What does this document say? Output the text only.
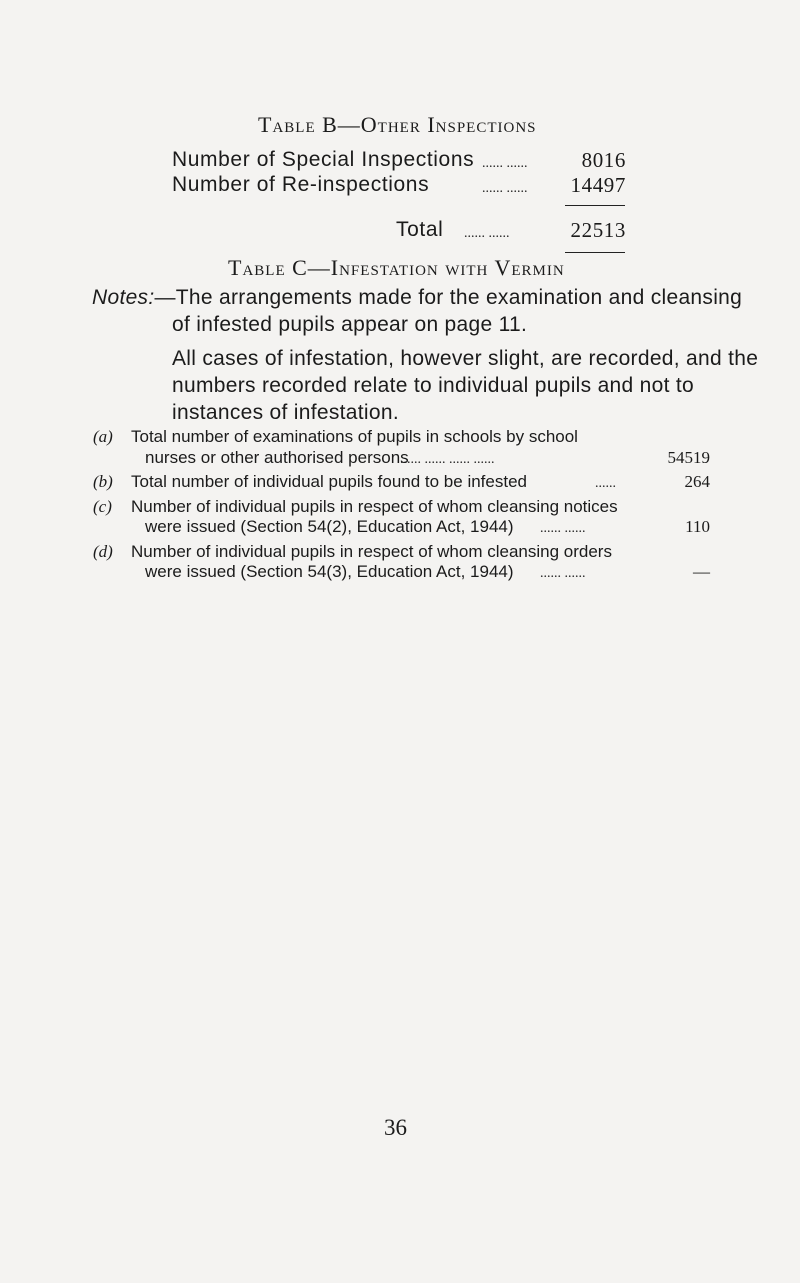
Table B—Other Inspections
Number of Special Inspections ...... ......	8016
Number of Re-inspections	...... ......	14497
Total ...... ......	22513
Table C—Infestation with Vermin
Notes:—The arrangements made for the examination and cleansing
of infested pupils appear on page 11.
All cases of infestation, however slight, are recorded, and the
numbers recorded relate to individual pupils and not to
instances of infestation.
(a) Total number of examinations of pupils in schools by school
nurses or other authorised persons
...... ...... ...... ......	54519
(b) Total number of individual pupils found to be infested	......	264
(c) Number of individual pupils in respect of whom cleansing notices
were issued (Section 54(2), Education Act, 1944) ...... ......	110
(d) Number of individual pupils in respect of whom cleansing orders
were issued (Section 54(3), Education Act, 1944) ...... ......	—
36
